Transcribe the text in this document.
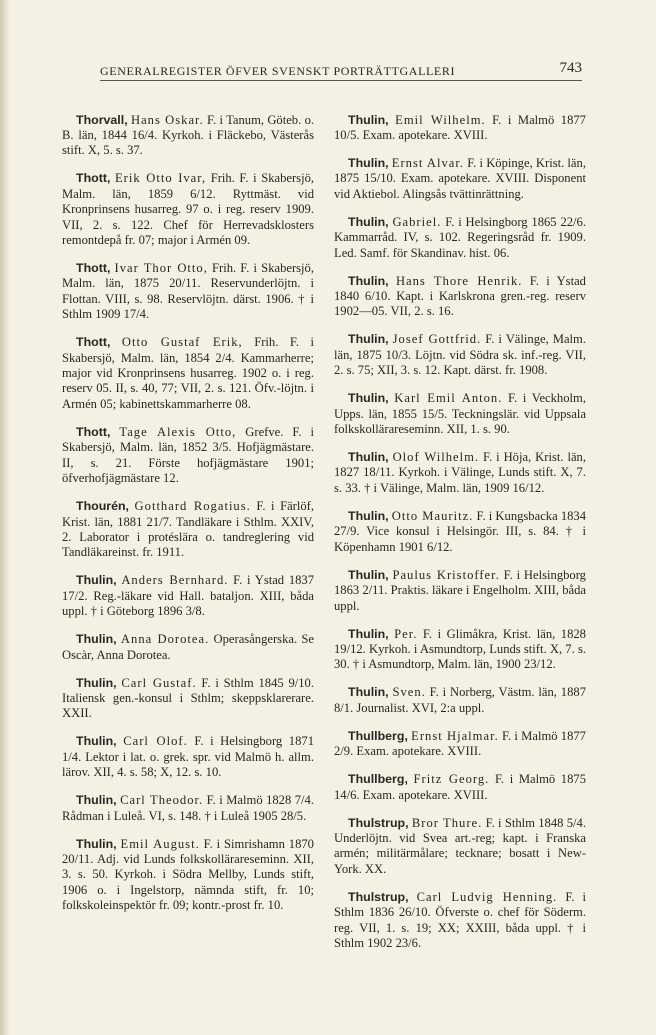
GENERALREGISTER ÖFVER SVENSKT PORTRÄTTGALLERI	743

Thorvall, Hans Oskar. F. i Tanum, Göteb. o. B. län, 1844 16/4. Kyrkoh. i Fläckebo, Västerås stift. X, 5. s. 37.

Thott, Erik Otto Ivar, Frih. F. i Skabersjö, Malm. län, 1859 6/12. Ryttmäst. vid Kronprinsens husarreg. 97 o. i reg. reserv 1909. VII, 2. s. 122. Chef för Herrevadsklosters remontdepå fr. 07; major i Armén 09.

Thott, Ivar Thor Otto, Frih. F. i Skabersjö, Malm. län, 1875 20/11. Reservunderlöjtn. i Flottan. VIII, s. 98. Reservlöjtn. därst. 1906. † i Sthlm 1909 17/4.

Thott, Otto Gustaf Erik, Frih. F. i Skabersjö, Malm. län, 1854 2/4. Kammarherre; major vid Kronprinsens husarreg. 1902 o. i reg. reserv 05. II, s. 40, 77; VII, 2. s. 121. Öfv.-löjtn. i Armén 05; kabinettskammarherre 08.

Thott, Tage Alexis Otto, Grefve. F. i Skabersjö, Malm. län, 1852 3/5. Hofjägmästare. II, s. 21. Förste hofjägmästare 1901; öfverhofjägmästare 12.

Thourén, Gotthard Rogatius. F. i Färlöf, Krist. län, 1881 21/7. Tandläkare i Sthlm. XXIV, 2. Laborator i protéslära o. tandreglering vid Tandläkareinst. fr. 1911.

Thulin, Anders Bernhard. F. i Ystad 1837 17/2. Reg.-läkare vid Hall. bataljon. XIII, båda uppl. † i Göteborg 1896 3/8.

Thulin, Anna Dorotea. Operasångerska. Se Oscàr, Anna Dorotea.

Thulin, Carl Gustaf. F. i Sthlm 1845 9/10. Italiensk gen.-konsul i Sthlm; skeppsklarerare. XXII.

Thulin, Carl Olof. F. i Helsingborg 1871 1/4. Lektor i lat. o. grek. spr. vid Malmö h. allm. lärov. XII, 4. s. 58; X, 12. s. 10.

Thulin, Carl Theodor. F. i Malmö 1828 7/4. Rådman i Luleå. VI, s. 148. † i Luleå 1905 28/5.

Thulin, Emil August. F. i Simrishamn 1870 20/11. Adj. vid Lunds folkskollärareseminn. XII, 3. s. 50. Kyrkoh. i Södra Mellby, Lunds stift, 1906 o. i Ingelstorp, nämnda stift, fr. 10; folkskoleinspektör fr. 09; kontr.-prost fr. 10.

Thulin, Emil Wilhelm. F. i Malmö 1877 10/5. Exam. apotekare. XVIII.

Thulin, Ernst Alvar. F. i Köpinge, Krist. län, 1875 15/10. Exam. apotekare. XVIII. Disponent vid Aktiebol. Alingsås tvättinrättning.

Thulin, Gabriel. F. i Helsingborg 1865 22/6. Kammarråd. IV, s. 102. Regeringsråd fr. 1909. Led. Samf. för Skandinav. hist. 06.

Thulin, Hans Thore Henrik. F. i Ystad 1840 6/10. Kapt. i Karlskrona gren.-reg. reserv 1902—05. VII, 2. s. 16.

Thulin, Josef Gottfrid. F. i Välinge, Malm. län, 1875 10/3. Löjtn. vid Södra sk. inf.-reg. VII, 2. s. 75; XII, 3. s. 12. Kapt. därst. fr. 1908.

Thulin, Karl Emil Anton. F. i Veckholm, Upps. län, 1855 15/5. Teckningslär. vid Uppsala folkskollärareseminn. XII, 1. s. 90.

Thulin, Olof Wilhelm. F. i Höja, Krist. län, 1827 18/11. Kyrkoh. i Välinge, Lunds stift. X, 7. s. 33. † i Välinge, Malm. län, 1909 16/12.

Thulin, Otto Mauritz. F. i Kungsbacka 1834 27/9. Vice konsul i Helsingör. III, s. 84. † i Köpenhamn 1901 6/12.

Thulin, Paulus Kristoffer. F. i Helsingborg 1863 2/11. Praktis. läkare i Engelholm. XIII, båda uppl.

Thulin, Per. F. i Glimåkra, Krist. län, 1828 19/12. Kyrkoh. i Asmundtorp, Lunds stift. X, 7. s. 30. † i Asmundtorp, Malm. län, 1900 23/12.

Thulin, Sven. F. i Norberg, Västm. län, 1887 8/1. Journalist. XVI, 2:a uppl.

Thullberg, Ernst Hjalmar. F. i Malmö 1877 2/9. Exam. apotekare. XVIII.

Thullberg, Fritz Georg. F. i Malmö 1875 14/6. Exam. apotekare. XVIII.

Thulstrup, Bror Thure. F. i Sthlm 1848 5/4. Underlöjtn. vid Svea art.-reg; kapt. i Franska armén; militärmålare; tecknare; bosatt i New-York. XX.

Thulstrup, Carl Ludvig Henning. F. i Sthlm 1836 26/10. Öfverste o. chef för Söderm. reg. VII, 1. s. 19; XX; XXIII, båda uppl. † i Sthlm 1902 23/6.
